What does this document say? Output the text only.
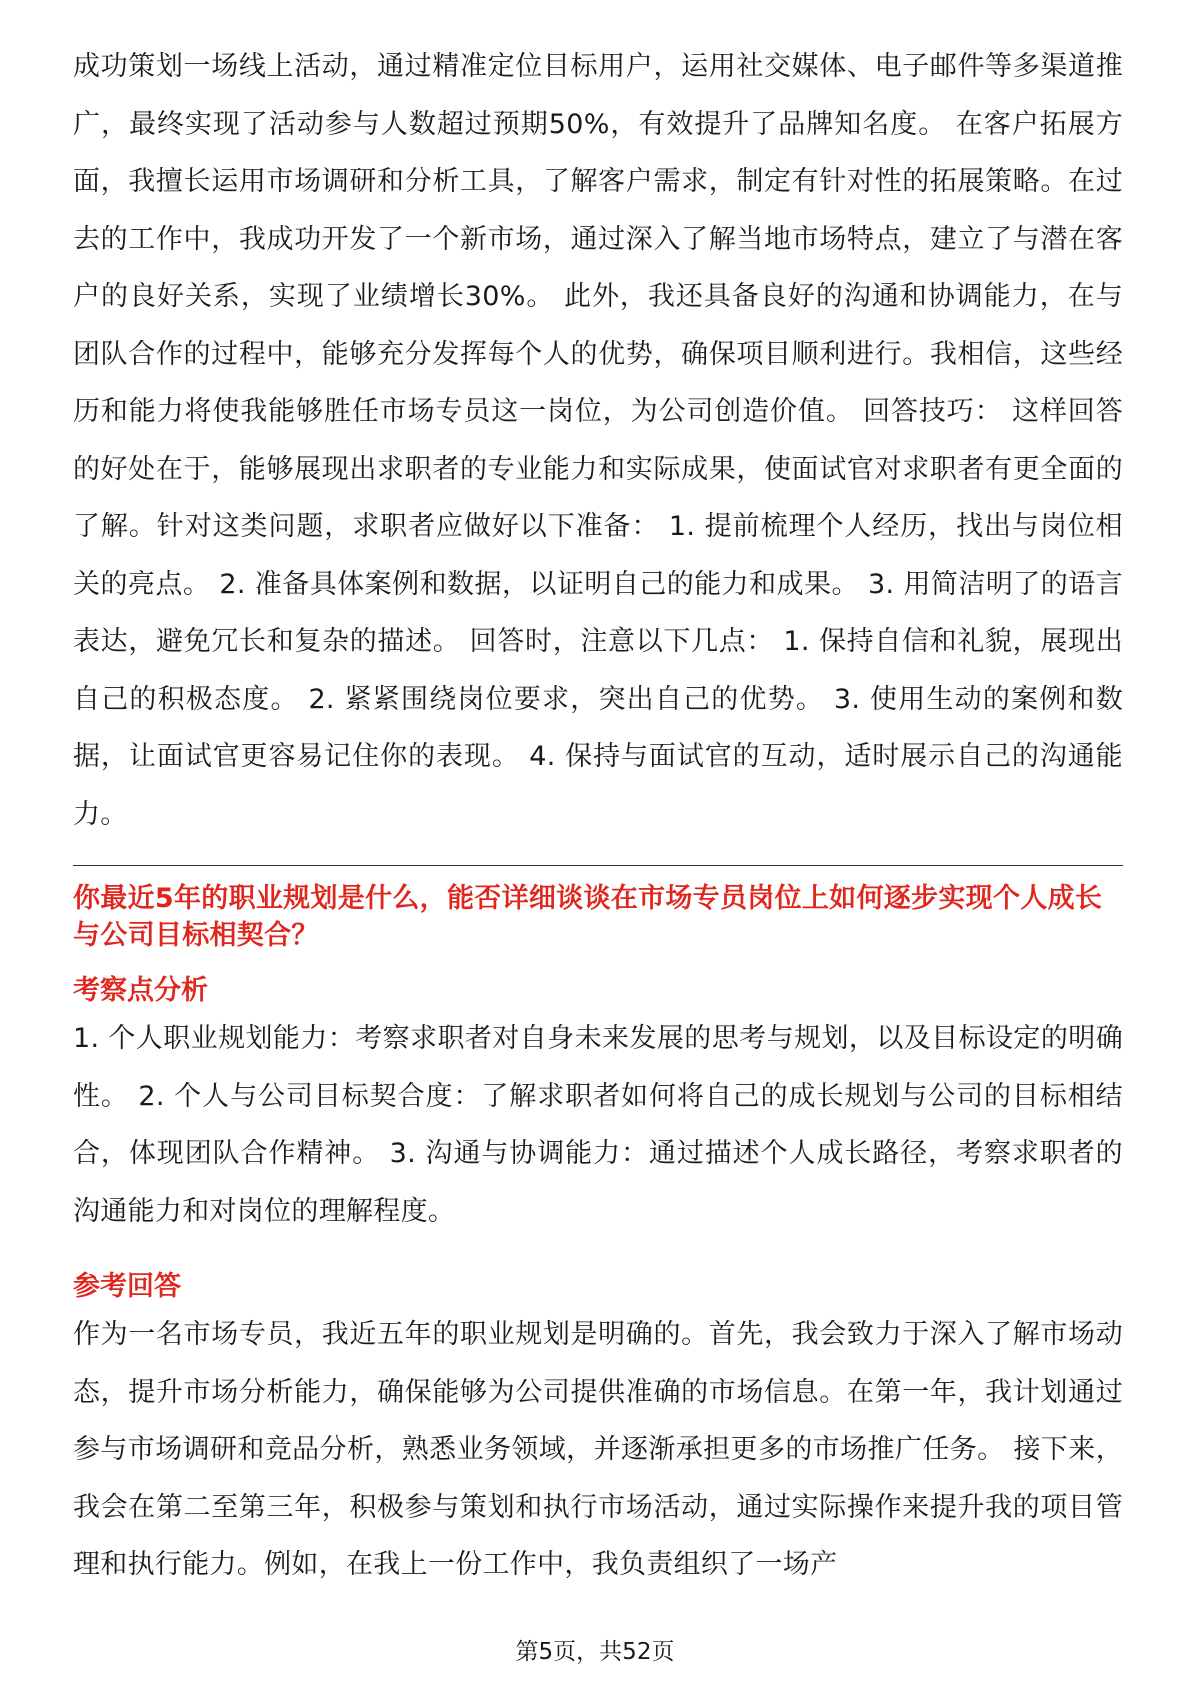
成功策划一场线上活动，通过精准定位目标用户，运用社交媒体、电子邮件等多渠道推广，最终实现了活动参与人数超过预期50%，有效提升了品牌知名度。 在客户拓展方面，我擅长运用市场调研和分析工具，了解客户需求，制定有针对性的拓展策略。在过去的工作中，我成功开发了一个新市场，通过深入了解当地市场特点，建立了与潜在客户的良好关系，实现了业绩增长30%。 此外，我还具备良好的沟通和协调能力，在与团队合作的过程中，能够充分发挥每个人的优势，确保项目顺利进行。我相信，这些经历和能力将使我能够胜任市场专员这一岗位，为公司创造价值。 回答技巧： 这样回答的好处在于，能够展现出求职者的专业能力和实际成果，使面试官对求职者有更全面的了解。针对这类问题，求职者应做好以下准备： 1. 提前梳理个人经历，找出与岗位相关的亮点。 2. 准备具体案例和数据，以证明自己的能力和成果。 3. 用简洁明了的语言表达，避免冗长和复杂的描述。 回答时，注意以下几点： 1. 保持自信和礼貌，展现出自己的积极态度。 2. 紧紧围绕岗位要求，突出自己的优势。 3. 使用生动的案例和数据，让面试官更容易记住你的表现。 4. 保持与面试官的互动，适时展示自己的沟通能力。

你最近5年的职业规划是什么，能否详细谈谈在市场专员岗位上如何逐步实现个人成长与公司目标相契合？

考察点分析

1. 个人职业规划能力：考察求职者对自身未来发展的思考与规划，以及目标设定的明确性。 2. 个人与公司目标契合度：了解求职者如何将自己的成长规划与公司的目标相结合，体现团队合作精神。 3. 沟通与协调能力：通过描述个人成长路径，考察求职者的沟通能力和对岗位的理解程度。

参考回答

作为一名市场专员，我近五年的职业规划是明确的。首先，我会致力于深入了解市场动态，提升市场分析能力，确保能够为公司提供准确的市场信息。在第一年，我计划通过参与市场调研和竞品分析，熟悉业务领域，并逐渐承担更多的市场推广任务。 接下来，我会在第二至第三年，积极参与策划和执行市场活动，通过实际操作来提升我的项目管理和执行能力。例如，在我上一份工作中，我负责组织了一场产

第5页，共52页
